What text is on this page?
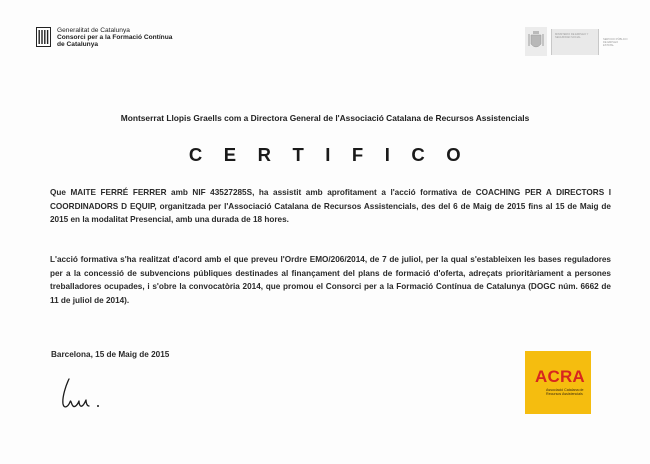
Generalitat de Catalunya
Consorci per a la Formació Contínua
de Catalunya
MINISTERIO DE EMPLEO Y SEGURIDAD SOCIAL
SERVICIO PÚBLICO DE EMPLEO ESTATAL
Montserrat Llopis Graells com a Directora General de l'Associació Catalana de Recursos Assistencials
CERTIFICO
Que MAITE FERRÉ FERRER amb NIF 43527285S, ha assistit amb aprofitament a l'acció formativa de COACHING PER A DIRECTORS I COORDINADORS D EQUIP, organitzada per l'Associació Catalana de Recursos Assistencials, des del 6 de Maig de 2015 fins al 15 de Maig de 2015 en la modalitat Presencial, amb una durada de 18 hores.
L'acció formativa s'ha realitzat d'acord amb el que preveu l'Ordre EMO/206/2014, de 7 de juliol, per la qual s'estableixen les bases reguladores per a la concessió de subvencions públiques destinades al finançament del plans de formació d'oferta, adreçats prioritàriament a persones treballadores ocupades, i s'obre la convocatòria 2014, que promou el Consorci per a la Formació Contínua de Catalunya (DOGC núm. 6662 de 11 de juliol de 2014).
Barcelona, 15 de Maig de 2015
ACRA
Associació Catalana de Recursos Assistencials
